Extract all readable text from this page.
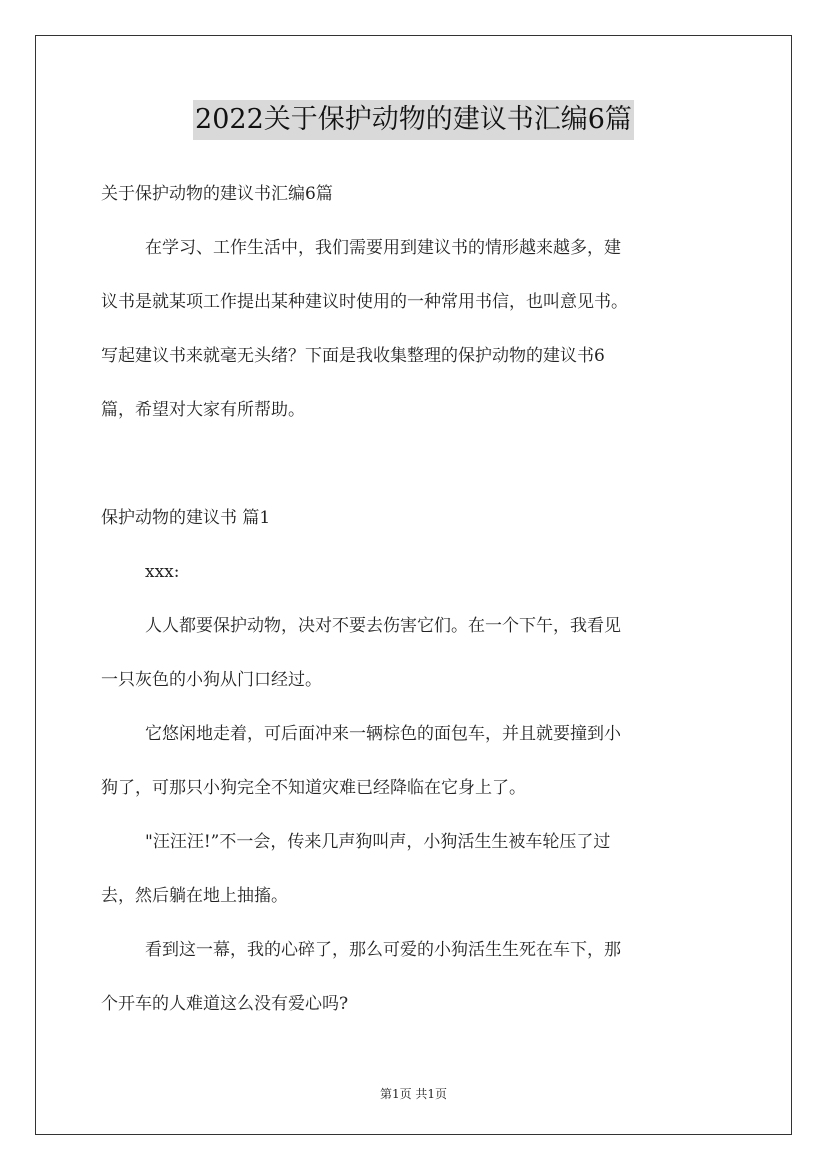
2022关于保护动物的建议书汇编6篇
关于保护动物的建议书汇编6篇
在学习、工作生活中，我们需要用到建议书的情形越来越多，建
议书是就某项工作提出某种建议时使用的一种常用书信，也叫意见书。
写起建议书来就毫无头绪？下面是我收集整理的保护动物的建议书6
篇，希望对大家有所帮助。
保护动物的建议书 篇1
xxx:
人人都要保护动物，决对不要去伤害它们。在一个下午，我看见
一只灰色的小狗从门口经过。
它悠闲地走着，可后面冲来一辆棕色的面包车，并且就要撞到小
狗了，可那只小狗完全不知道灾难已经降临在它身上了。
"汪汪汪!”不一会，传来几声狗叫声，小狗活生生被车轮压了过
去，然后躺在地上抽搐。
看到这一幕，我的心碎了，那么可爱的小狗活生生死在车下，那
个开车的人难道这么没有爱心吗?
第1页 共1页
